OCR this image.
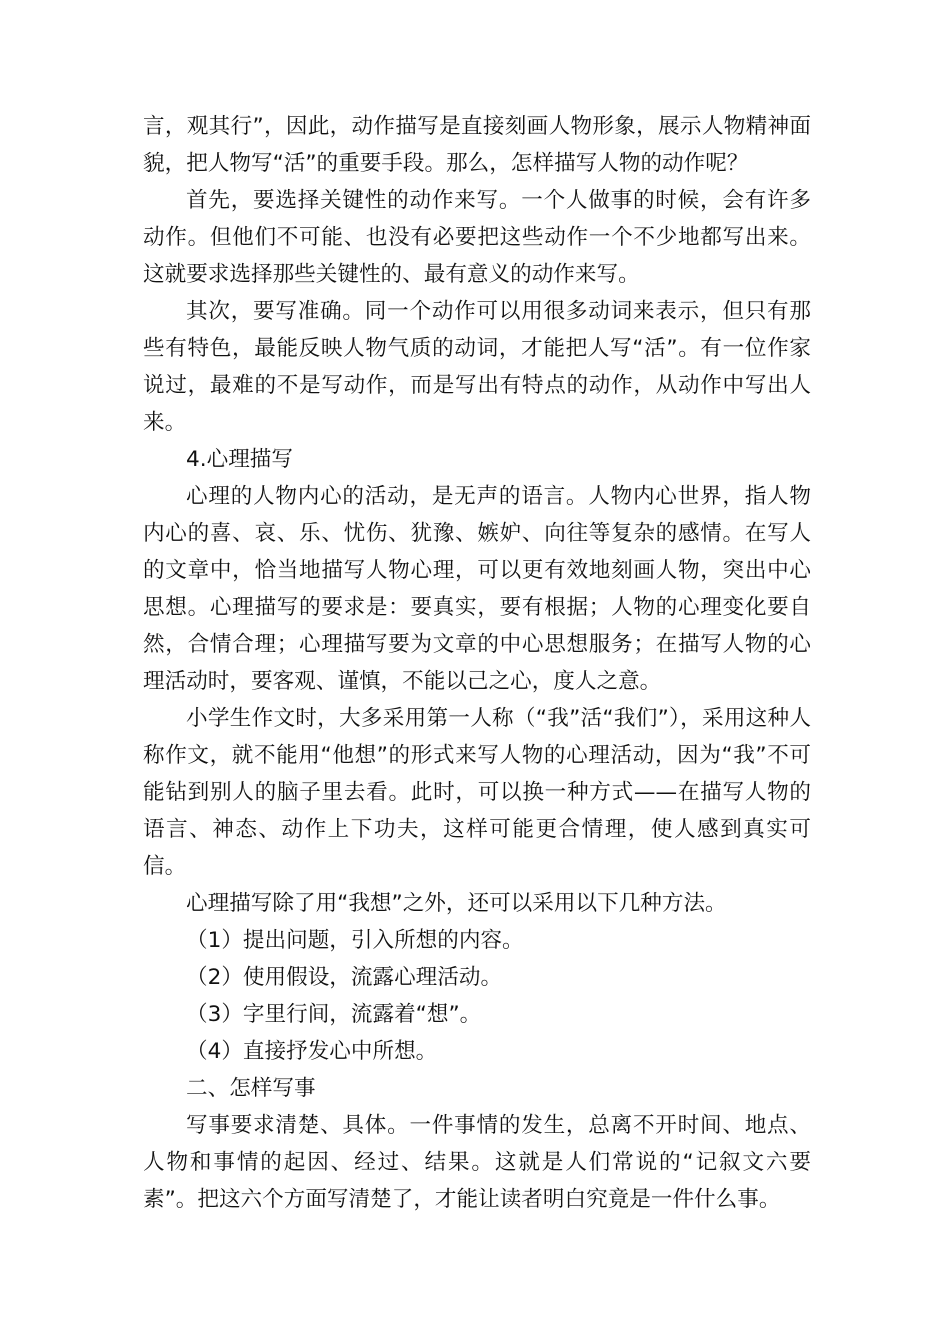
言，观其行”，因此，动作描写是直接刻画人物形象，展示人物精神面貌，把人物写“活”的重要手段。那么，怎样描写人物的动作呢？

首先，要选择关键性的动作来写。一个人做事的时候，会有许多动作。但他们不可能、也没有必要把这些动作一个不少地都写出来。这就要求选择那些关键性的、最有意义的动作来写。

其次，要写准确。同一个动作可以用很多动词来表示，但只有那些有特色，最能反映人物气质的动词，才能把人写“活”。有一位作家说过，最难的不是写动作，而是写出有特点的动作，从动作中写出人来。

4.心理描写

心理的人物内心的活动，是无声的语言。人物内心世界，指人物内心的喜、哀、乐、忧伤、犹豫、嫉妒、向往等复杂的感情。在写人的文章中，恰当地描写人物心理，可以更有效地刻画人物，突出中心思想。心理描写的要求是：要真实，要有根据；人物的心理变化要自然，合情合理；心理描写要为文章的中心思想服务；在描写人物的心理活动时，要客观、谨慎，不能以己之心，度人之意。

小学生作文时，大多采用第一人称（“我”活“我们”），采用这种人称作文，就不能用“他想”的形式来写人物的心理活动，因为“我”不可能钻到别人的脑子里去看。此时，可以换一种方式——在描写人物的语言、神态、动作上下功夫，这样可能更合情理，使人感到真实可信。

心理描写除了用“我想”之外，还可以采用以下几种方法。

（1）提出问题，引入所想的内容。

（2）使用假设，流露心理活动。

（3）字里行间，流露着“想”。

（4）直接抒发心中所想。

二、怎样写事

写事要求清楚、具体。一件事情的发生，总离不开时间、地点、人物和事情的起因、经过、结果。这就是人们常说的“记叙文六要素”。把这六个方面写清楚了，才能让读者明白究竟是一件什么事。
